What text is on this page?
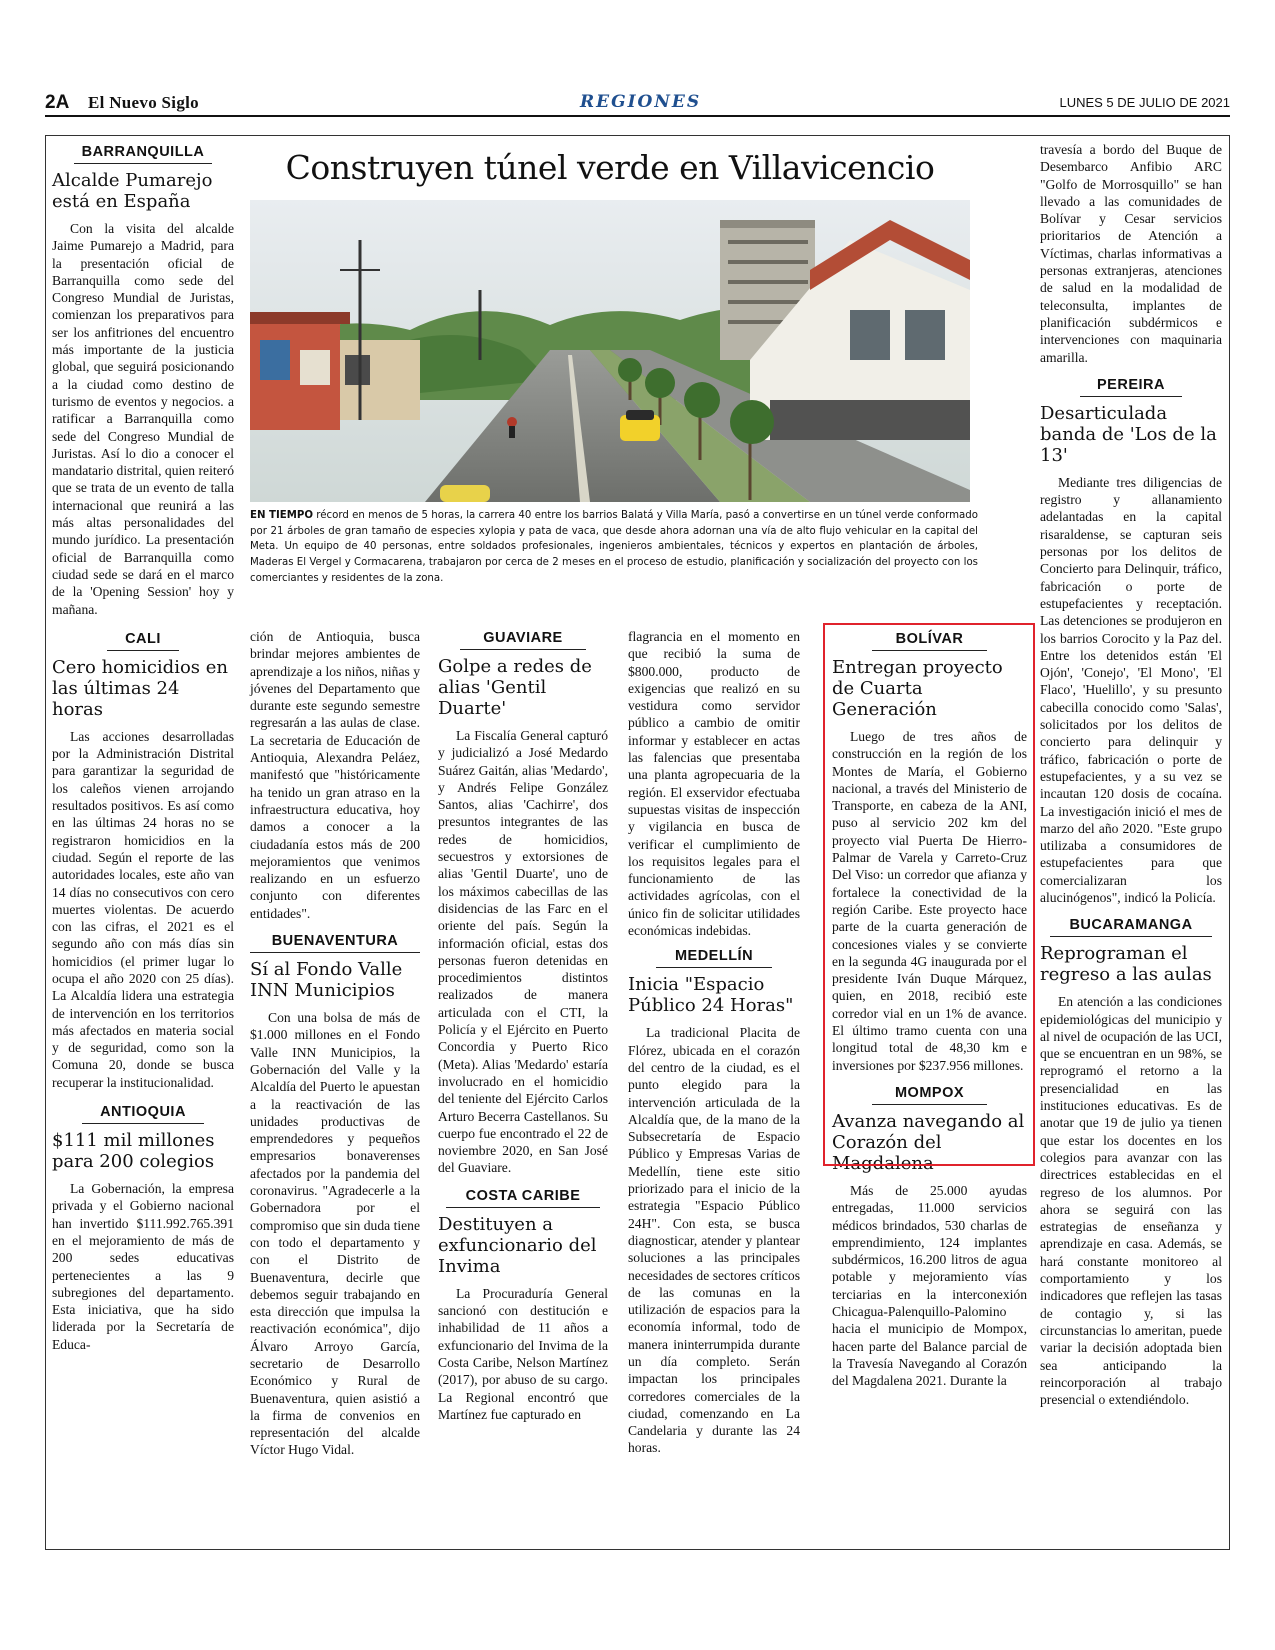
2A El Nuevo Siglo	REGIONES	LUNES 5 DE JULIO DE 2021
BARRANQUILLA
Alcalde Pumarejo está en España

Con la visita del alcalde Jaime Pumarejo a Madrid, para la presentación oficial de Barranquilla como sede del Congreso Mundial de Juristas, comienzan los preparativos para ser los anfitriones del encuentro más importante de la justicia global, que seguirá posicionando a la ciudad como destino de turismo de eventos y negocios. a ratificar a Barranquilla como sede del Congreso Mundial de Juristas. Así lo dio a conocer el mandatario distrital, quien reiteró que se trata de un evento de talla internacional que reunirá a las más altas personalidades del mundo jurídico. La presentación oficial de Barranquilla como ciudad sede se dará en el marco de la 'Opening Session' hoy y mañana.

CALI
Cero homicidios en las últimas 24 horas

Las acciones desarrolladas por la Administración Distrital para garantizar la seguridad de los caleños vienen arrojando resultados positivos. Es así como en las últimas 24 horas no se registraron homicidios en la ciudad. Según el reporte de las autoridades locales, este año van 14 días no consecutivos con cero muertes violentas. De acuerdo con las cifras, el 2021 es el segundo año con más días sin homicidios (el primer lugar lo ocupa el año 2020 con 25 días). La Alcaldía lidera una estrategia de intervención en los territorios más afectados en materia social y de seguridad, como son la Comuna 20, donde se busca recuperar la institucionalidad.

ANTIOQUIA
$111 mil millones para 200 colegios

La Gobernación, la empresa privada y el Gobierno nacional han invertido $111.992.765.391 en el mejoramiento de más de 200 sedes educativas pertenecientes a las 9 subregiones del departamento. Esta iniciativa, que ha sido liderada por la Secretaría de Educa-

Construyen túnel verde en Villavicencio
EN TIEMPO récord en menos de 5 horas, la carrera 40 entre los barrios Balatá y Villa María, pasó a convertirse en un túnel verde conformado por 21 árboles de gran tamaño de especies xylopia y pata de vaca, que desde ahora adornan una vía de alto flujo vehicular en la capital del Meta. Un equipo de 40 personas, entre soldados profesionales, ingenieros ambientales, técnicos y expertos en plantación de árboles, Maderas El Vergel y Cormacarena, trabajaron por cerca de 2 meses en el proceso de estudio, planificación y socialización del proyecto con los comerciantes y residentes de la zona.

ción de Antioquia, busca brindar mejores ambientes de aprendizaje a los niños, niñas y jóvenes del Departamento que durante este segundo semestre regresarán a las aulas de clase. La secretaria de Educación de Antioquia, Alexandra Peláez, manifestó que "históricamente ha tenido un gran atraso en la infraestructura educativa, hoy damos a conocer a la ciudadanía estos más de 200 mejoramientos que venimos realizando en un esfuerzo conjunto con diferentes entidades".

BUENAVENTURA
Sí al Fondo Valle INN Municipios

Con una bolsa de más de $1.000 millones en el Fondo Valle INN Municipios, la Gobernación del Valle y la Alcaldía del Puerto le apuestan a la reactivación de las unidades productivas de emprendedores y pequeños empresarios bonaverenses afectados por la pandemia del coronavirus. "Agradecerle a la Gobernadora por el compromiso que sin duda tiene con todo el departamento y con el Distrito de Buenaventura, decirle que debemos seguir trabajando en esta dirección que impulsa la reactivación económica", dijo Álvaro Arroyo García, secretario de Desarrollo Económico y Rural de Buenaventura, quien asistió a la firma de convenios en representación del alcalde Víctor Hugo Vidal.

GUAVIARE
Golpe a redes de alias 'Gentil Duarte'

La Fiscalía General capturó y judicializó a José Medardo Suárez Gaitán, alias 'Medardo', y Andrés Felipe González Santos, alias 'Cachirre', dos presuntos integrantes de las redes de homicidios, secuestros y extorsiones de alias 'Gentil Duarte', uno de los máximos cabecillas de las disidencias de las Farc en el oriente del país. Según la información oficial, estas dos personas fueron detenidas en procedimientos distintos realizados de manera articulada con el CTI, la Policía y el Ejército en Puerto Concordia y Puerto Rico (Meta). Alias 'Medardo' estaría involucrado en el homicidio del teniente del Ejército Carlos Arturo Becerra Castellanos. Su cuerpo fue encontrado el 22 de noviembre 2020, en San José del Guaviare.

COSTA CARIBE
Destituyen a exfuncionario del Invima

La Procuraduría General sancionó con destitución e inhabilidad de 11 años a exfuncionario del Invima de la Costa Caribe, Nelson Martínez (2017), por abuso de su cargo. La Regional encontró que Martínez fue capturado en

flagrancia en el momento en que recibió la suma de $800.000, producto de exigencias que realizó en su vestidura como servidor público a cambio de omitir informar y establecer en actas las falencias que presentaba una planta agropecuaria de la región. El exservidor efectuaba supuestas visitas de inspección y vigilancia en busca de verificar el cumplimiento de los requisitos legales para el funcionamiento de las actividades agrícolas, con el único fin de solicitar utilidades económicas indebidas.

MEDELLÍN
Inicia "Espacio Público 24 Horas"

La tradicional Placita de Flórez, ubicada en el corazón del centro de la ciudad, es el punto elegido para la intervención articulada de la Alcaldía que, de la mano de la Subsecretaría de Espacio Público y Empresas Varias de Medellín, tiene este sitio priorizado para el inicio de la estrategia "Espacio Público 24H". Con esta, se busca diagnosticar, atender y plantear soluciones a las principales necesidades de sectores críticos de las comunas en la utilización de espacios para la economía informal, todo de manera ininterrumpida durante un día completo. Serán impactan los principales corredores comerciales de la ciudad, comenzando en La Candelaria y durante las 24 horas.

BOLÍVAR
Entregan proyecto de Cuarta Generación

Luego de tres años de construcción en la región de los Montes de María, el Gobierno nacional, a través del Ministerio de Transporte, en cabeza de la ANI, puso al servicio 202 km del proyecto vial Puerta De Hierro-Palmar de Varela y Carreto-Cruz Del Viso: un corredor que afianza y fortalece la conectividad de la región Caribe. Este proyecto hace parte de la cuarta generación de concesiones viales y se convierte en la segunda 4G inaugurada por el presidente Iván Duque Márquez, quien, en 2018, recibió este corredor vial en un 1% de avance. El último tramo cuenta con una longitud total de 48,30 km e inversiones por $237.956 millones.

MOMPOX
Avanza navegando al Corazón del Magdalena

Más de 25.000 ayudas entregadas, 11.000 servicios médicos brindados, 530 charlas de emprendimiento, 124 implantes subdérmicos, 16.200 litros de agua potable y mejoramiento vías terciarias en la interconexión Chicagua-Palenquillo-Palomino hacia el municipio de Mompox, hacen parte del Balance parcial de la Travesía Navegando al Corazón del Magdalena 2021. Durante la

travesía a bordo del Buque de Desembarco Anfibio ARC "Golfo de Morrosquillo" se han llevado a las comunidades de Bolívar y Cesar servicios prioritarios de Atención a Víctimas, charlas informativas a personas extranjeras, atenciones de salud en la modalidad de teleconsulta, implantes de planificación subdérmicos e intervenciones con maquinaria amarilla.

PEREIRA
Desarticulada banda de 'Los de la 13'

Mediante tres diligencias de registro y allanamiento adelantadas en la capital risaraldense, se capturan seis personas por los delitos de Concierto para Delinquir, tráfico, fabricación o porte de estupefacientes y receptación. Las detenciones se produjeron en los barrios Corocito y la Paz del. Entre los detenidos están 'El Ojón', 'Conejo', 'El Mono', 'El Flaco', 'Huelillo', y su presunto cabecilla conocido como 'Salas', solicitados por los delitos de concierto para delinquir y tráfico, fabricación o porte de estupefacientes, y a su vez se incautan 120 dosis de cocaína. La investigación inició el mes de marzo del año 2020. "Este grupo utilizaba a consumidores de estupefacientes para que comercializaran los alucinógenos", indicó la Policía.

BUCARAMANGA
Reprograman el regreso a las aulas

En atención a las condiciones epidemiológicas del municipio y al nivel de ocupación de las UCI, que se encuentran en un 98%, se reprogramó el retorno a la presencialidad en las instituciones educativas. Es de anotar que 19 de julio ya tienen que estar los docentes en los colegios para avanzar con las directrices establecidas en el regreso de los alumnos. Por ahora se seguirá con las estrategias de enseñanza y aprendizaje en casa. Además, se hará constante monitoreo al comportamiento y los indicadores que reflejen las tasas de contagio y, si las circunstancias lo ameritan, puede variar la decisión adoptada bien sea anticipando la reincorporación al trabajo presencial o extendiéndolo.
